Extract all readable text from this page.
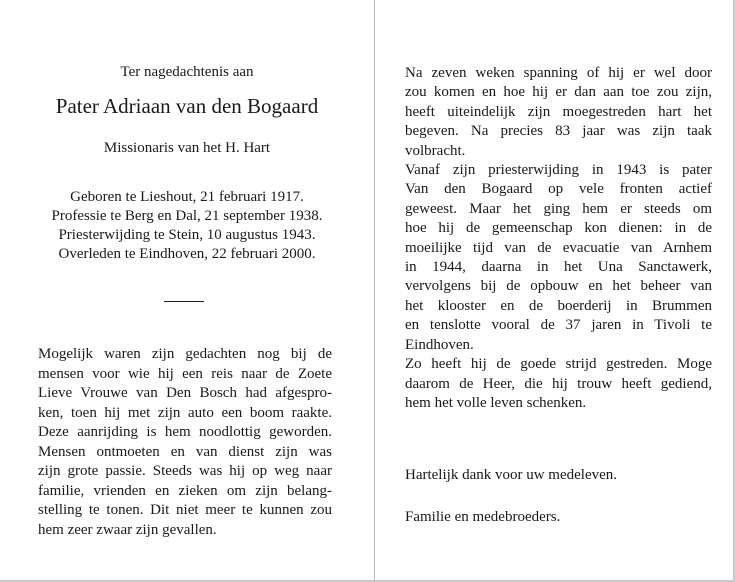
Ter nagedachtenis aan
Pater Adriaan van den Bogaard
Missionaris van het H. Hart
Geboren te Lieshout, 21 februari 1917.
Professie te Berg en Dal, 21 september 1938.
Priesterwijding te Stein, 10 augustus 1943.
Overleden te Eindhoven, 22 februari 2000.
Mogelijk waren zijn gedachten nog bij de
mensen voor wie hij een reis naar de Zoete
Lieve Vrouwe van Den Bosch had afgespro-
ken, toen hij met zijn auto een boom raakte.
Deze aanrijding is hem noodlottig geworden.
Mensen ontmoeten en van dienst zijn was
zijn grote passie. Steeds was hij op weg naar
familie, vrienden en zieken om zijn belang-
stelling te tonen. Dit niet meer te kunnen zou
hem zeer zwaar zijn gevallen.
Na zeven weken spanning of hij er wel door
zou komen en hoe hij er dan aan toe zou zijn,
heeft uiteindelijk zijn moegestreden hart het
begeven. Na precies 83 jaar was zijn taak
volbracht.
Vanaf zijn priesterwijding in 1943 is pater
Van den Bogaard op vele fronten actief
geweest. Maar het ging hem er steeds om
hoe hij de gemeenschap kon dienen: in de
moeilijke tijd van de evacuatie van Arnhem
in 1944, daarna in het Una Sanctawerk,
vervolgens bij de opbouw en het beheer van
het klooster en de boerderij in Brummen
en tenslotte vooral de 37 jaren in Tivoli te
Eindhoven.
Zo heeft hij de goede strijd gestreden. Moge
daarom de Heer, die hij trouw heeft gediend,
hem het volle leven schenken.
Hartelijk dank voor uw medeleven.
Familie en medebroeders.
